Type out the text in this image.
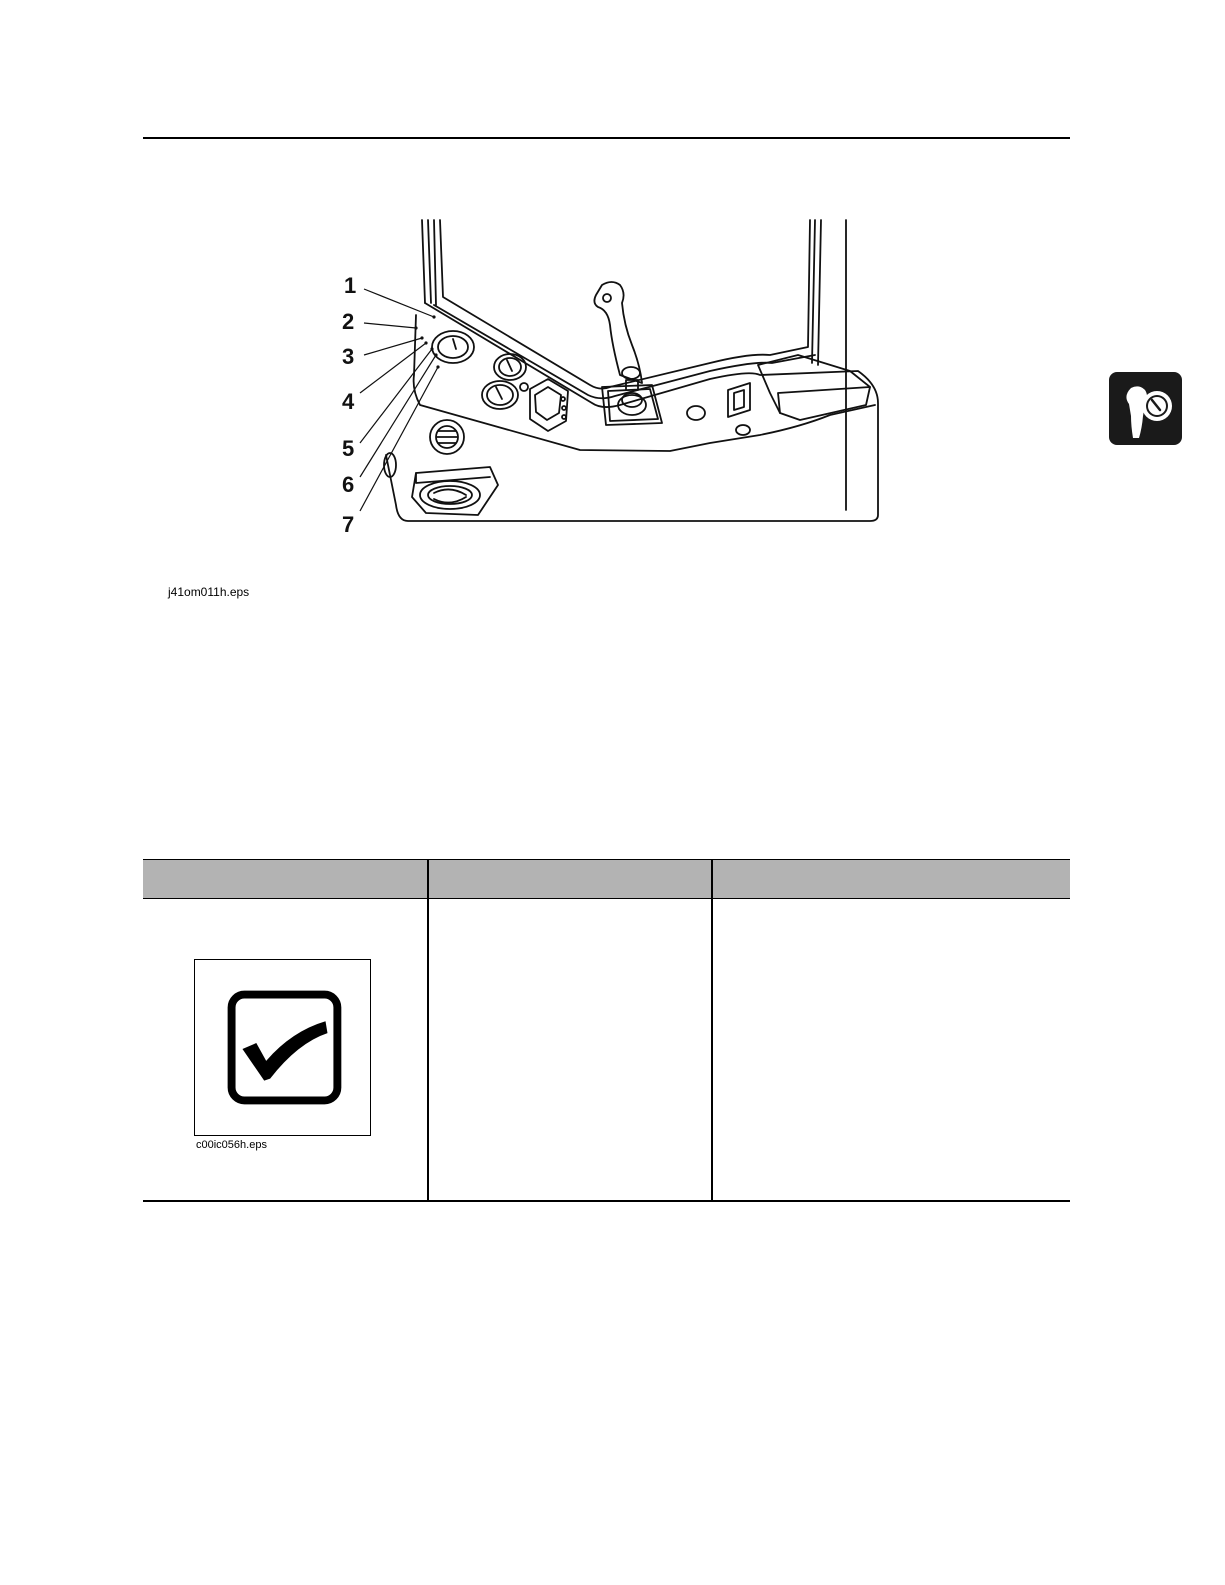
1
2
3
4
5
6
7
j41om011h.eps
c00ic056h.eps
